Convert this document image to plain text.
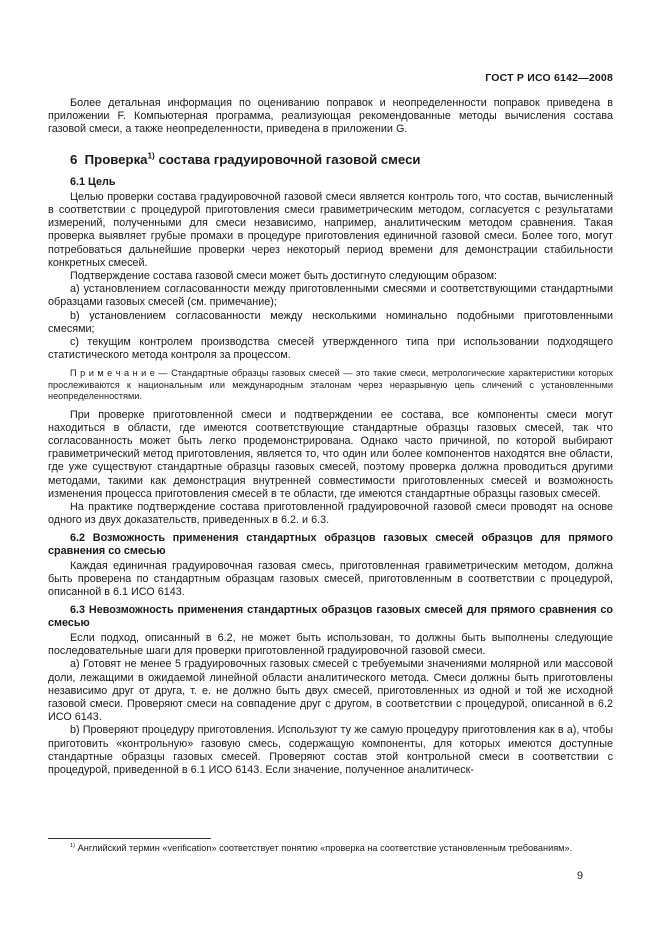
ГОСТ Р ИСО 6142—2008

Более детальная информация по оцениванию поправок и неопределенности поправок приведена в приложении F. Компьютерная программа, реализующая рекомендованные методы вычисления состава газовой смеси, а также неопределенности, приведена в приложении G.

6  Проверка$^{1)}$ состава градуировочной газовой смеси

6.1 Цель

Целью проверки состава градуировочной газовой смеси является контроль того, что состав, вычисленный в соответствии с процедурой приготовления смеси гравиметрическим методом, согласуется с результатами измерений, полученными для смеси независимо, например, аналитическим методом сравнения. Такая проверка выявляет грубые промахи в процедуре приготовления единичной газовой смеси. Более того, могут потребоваться дальнейшие проверки через некоторый период времени для демонстрации стабильности конкретных смесей.

Подтверждение состава газовой смеси может быть достигнуто следующим образом:

а) установлением согласованности между приготовленными смесями и соответствующими стандартными образцами газовых смесей (см. примечание);

b) установлением согласованности между несколькими номинально подобными приготовленными смесями;

с) текущим контролем производства смесей утвержденного типа при использовании подходящего статистического метода контроля за процессом.

П р и м е ч а н и е — Стандартные образцы газовых смесей — это такие смеси, метрологические характеристики которых прослеживаются к национальным или международным эталонам через неразрывную цепь сличений с установленными неопределенностями.

При проверке приготовленной смеси и подтверждении ее состава, все компоненты смеси могут находиться в области, где имеются соответствующие стандартные образцы газовых смесей, так что согласованность может быть легко продемонстрирована. Однако часто причиной, по которой выбирают гравиметрический метод приготовления, является то, что один или более компонентов находятся вне области, где уже существуют стандартные образцы газовых смесей, поэтому проверка должна проводиться другими методами, такими как демонстрация внутренней совместимости приготовленных смесей и возможность изменения процесса приготовления смесей в те области, где имеются стандартные образцы газовых смесей.

На практике подтверждение состава приготовленной градуировочной газовой смеси проводят на основе одного из двух доказательств, приведенных в 6.2. и 6.3.

6.2 Возможность применения стандартных образцов газовых смесей образцов для прямого сравнения со смесью

Каждая единичная градуировочная газовая смесь, приготовленная гравиметрическим методом, должна быть проверена по стандартным образцам газовых смесей, приготовленным в соответствии с процедурой, описанной в 6.1 ИСО 6143.

6.3 Невозможность применения стандартных образцов газовых смесей для прямого сравнения со смесью

Если подход, описанный в 6.2, не может быть использован, то должны быть выполнены следующие последовательные шаги для проверки приготовленной градуировочной газовой смеси.

а) Готовят не менее 5 градуировочных газовых смесей с требуемыми значениями молярной или массовой доли, лежащими в ожидаемой линейной области аналитического метода. Смеси должны быть приготовлены независимо друг от друга, т. е. не должно быть двух смесей, приготовленных из одной и той же исходной газовой смеси. Проверяют смеси на совпадение друг с другом, в соответствии с процедурой, описанной в 6.2 ИСО 6143.

b) Проверяют процедуру приготовления. Используют ту же самую процедуру приготовления как в а), чтобы приготовить «контрольную» газовую смесь, содержащую компоненты, для которых имеются доступные стандартные образцы газовых смесей. Проверяют состав этой контрольной смеси в соответствии с процедурой, приведенной в 6.1 ИСО 6143. Если значение, полученное аналитическ-

$^{1)}$ Английский термин «verification» соответствует понятию «проверка на соответствие установленным требованиям».

9
